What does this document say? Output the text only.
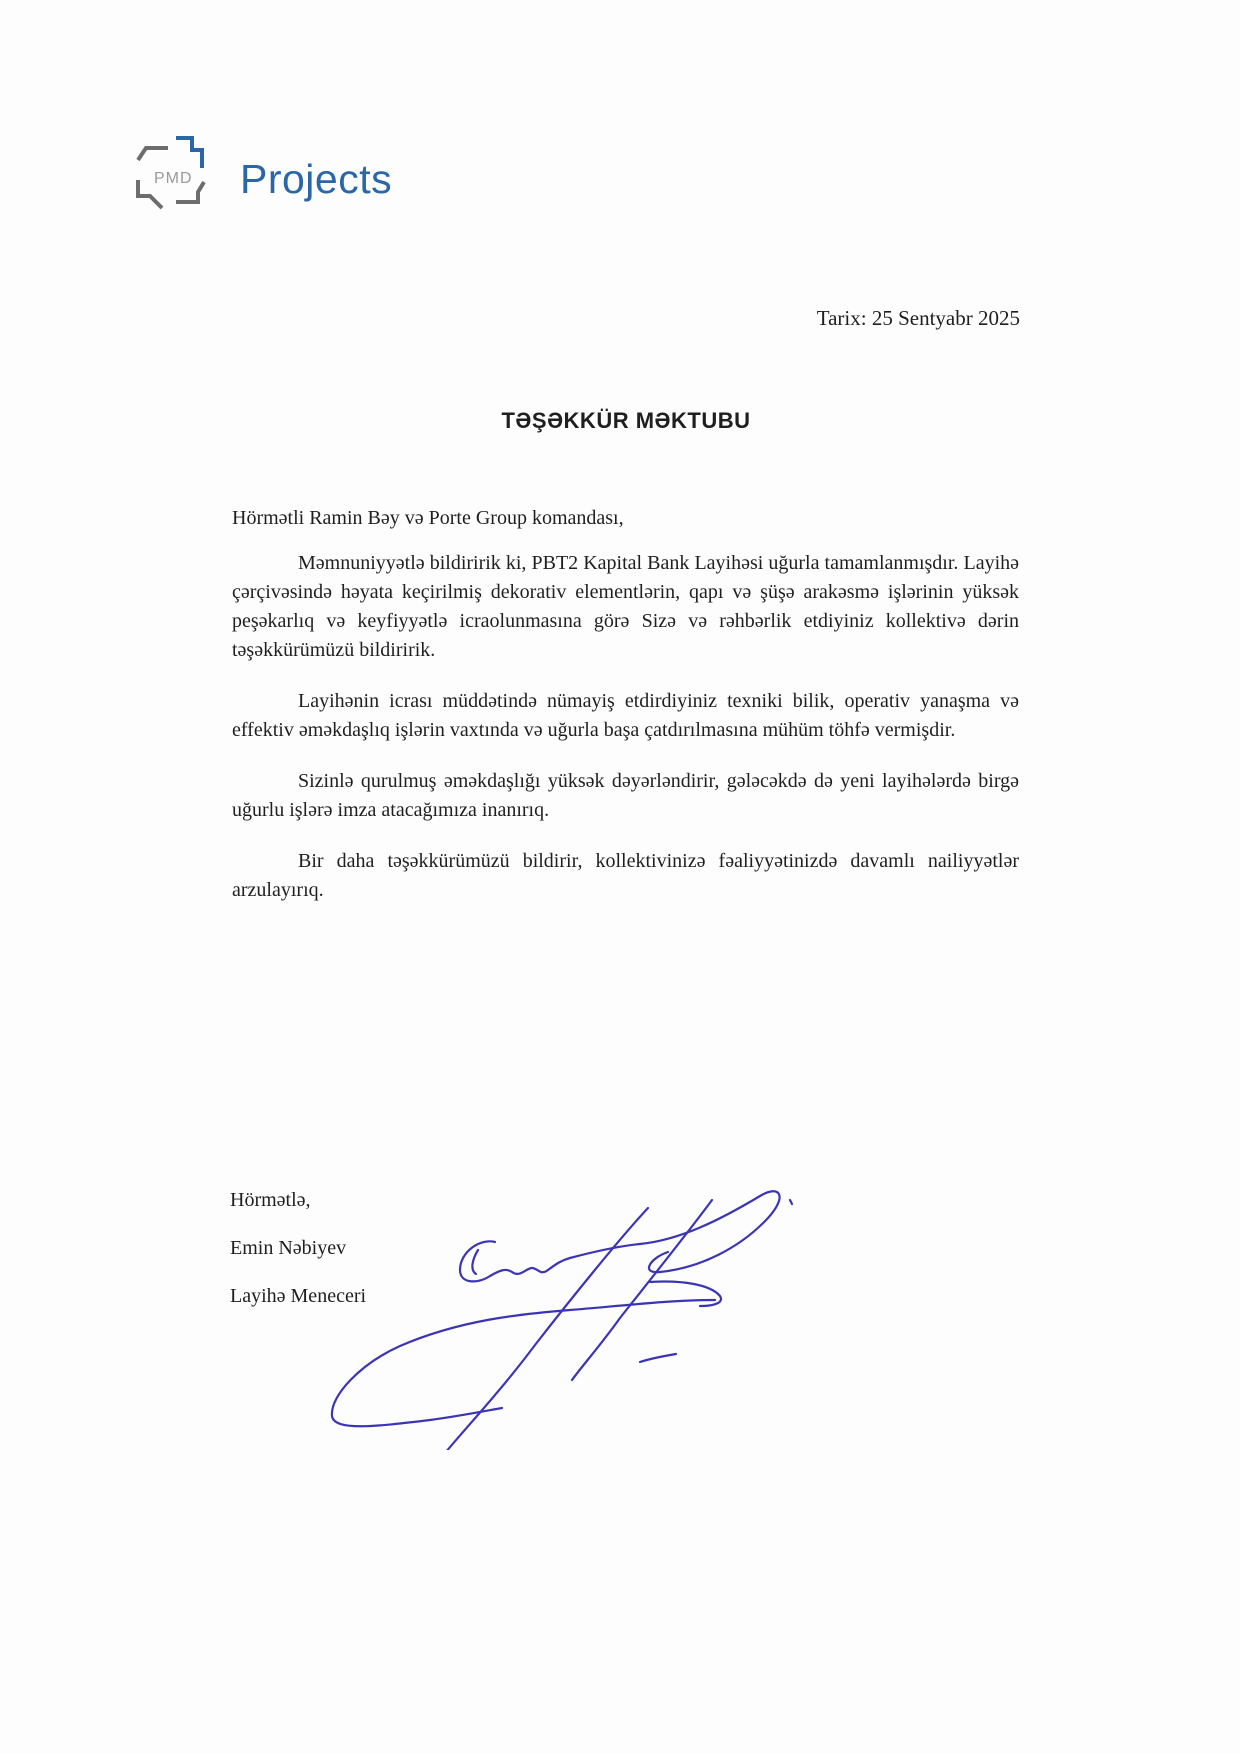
PMD Projects
Tarix: 25 Sentyabr 2025
TƏŞƏKKÜR MƏKTUBU

Hörmətli Ramin Bəy və Porte Group komandası,

Məmnuniyyətlə bildiririk ki, PBT2 Kapital Bank Layihəsi uğurla tamamlanmışdır. Layihə çərçivəsində həyata keçirilmiş dekorativ elementlərin, qapı və şüşə arakəsmə işlərinin yüksək peşəkarlıq və keyfiyyətlə icraolunmasına görə Sizə və rəhbərlik etdiyiniz kollektivə dərin təşəkkürümüzü bildiririk.

Layihənin icrası müddətində nümayiş etdirdiyiniz texniki bilik, operativ yanaşma və effektiv əməkdaşlıq işlərin vaxtında və uğurla başa çatdırılmasına mühüm töhfə vermişdir.

Sizinlə qurulmuş əməkdaşlığı yüksək dəyərləndirir, gələcəkdə də yeni layihələrdə birgə uğurlu işlərə imza atacağımıza inanırıq.

Bir daha təşəkkürümüzü bildirir, kollektivinizə fəaliyyətinizdə davamlı nailiyyətlər arzulayırıq.

Hörmətlə,
Emin Nəbiyev
Layihə Meneceri
